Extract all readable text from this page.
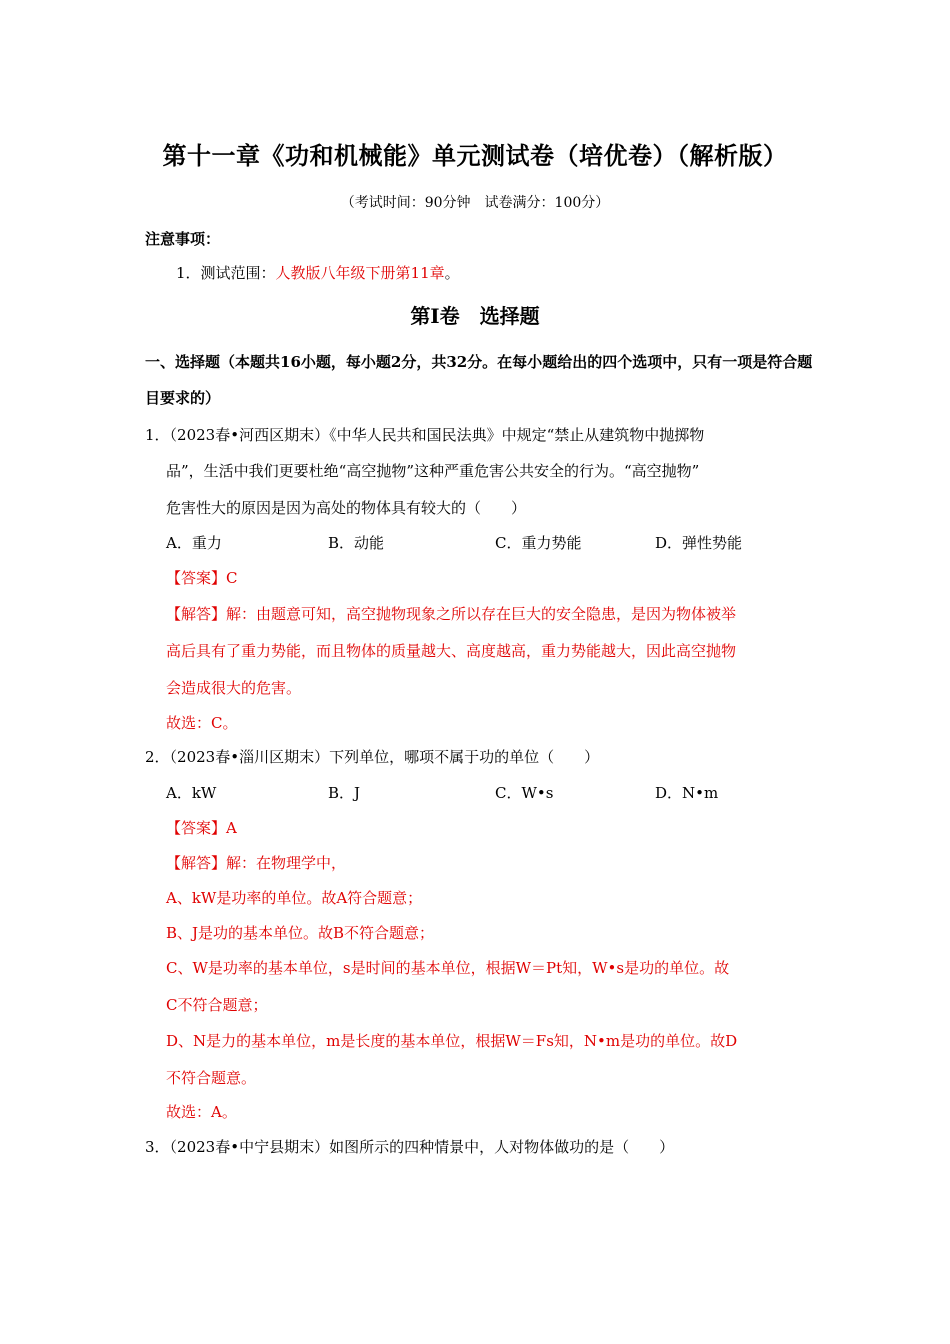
第十一章《功和机械能》单元测试卷（培优卷）（解析版）
（考试时间：90分钟　试卷满分：100分）
注意事项：
1．测试范围：人教版八年级下册第11章。
第Ⅰ卷　选择题
一、选择题（本题共16小题，每小题2分，共32分。在每小题给出的四个选项中，只有一项是符合题目要求的）
1．（2023春•河西区期末）《中华人民共和国民法典》中规定“禁止从建筑物中抛掷物
品”，生活中我们更要杜绝“高空抛物”这种严重危害公共安全的行为。“高空抛物”
危害性大的原因是因为高处的物体具有较大的（　　）
A．重力	B．动能	C．重力势能	D．弹性势能
【答案】C
【解答】解：由题意可知，高空抛物现象之所以存在巨大的安全隐患，是因为物体被举
高后具有了重力势能，而且物体的质量越大、高度越高，重力势能越大，因此高空抛物
会造成很大的危害。
故选：C。
2．（2023春•淄川区期末）下列单位，哪项不属于功的单位（　　）
A．kW	B．J	C．W•s	D．N•m
【答案】A
【解答】解：在物理学中，
A、kW是功率的单位。故A符合题意；
B、J是功的基本单位。故B不符合题意；
C、W是功率的基本单位，s是时间的基本单位，根据W＝Pt知，W•s是功的单位。故
C不符合题意；
D、N是力的基本单位，m是长度的基本单位，根据W＝Fs知，N•m是功的单位。故D
不符合题意。
故选：A。
3．（2023春•中宁县期末）如图所示的四种情景中，人对物体做功的是（　　）
